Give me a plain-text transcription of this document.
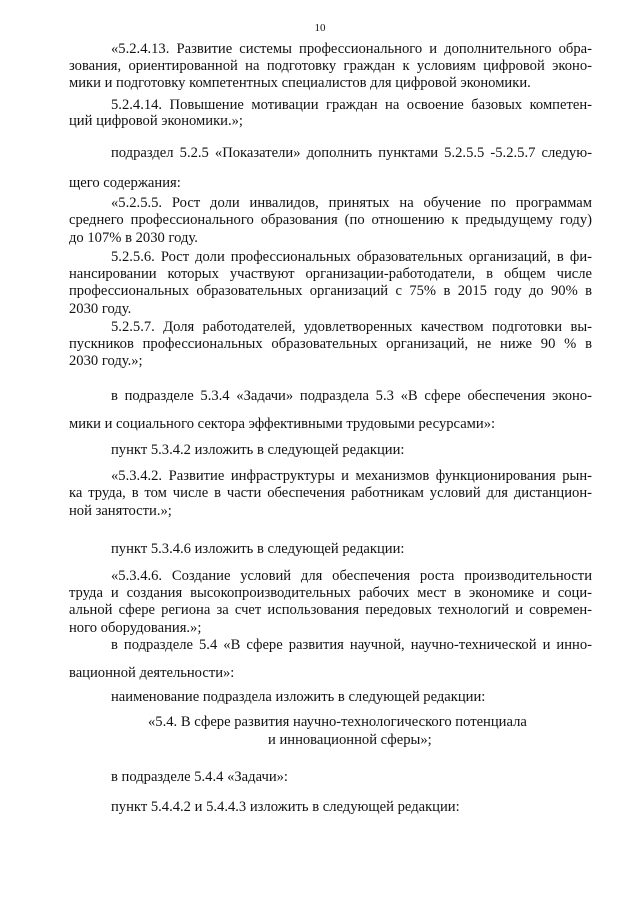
10

«5.2.4.13. Развитие системы профессионального и дополнительного обра-

зования, ориентированной на подготовку граждан к условиям цифровой эконо-

мики и подготовку компетентных специалистов для цифровой экономики.

5.2.4.14. Повышение мотивации граждан на освоение базовых компетен-

ций цифровой экономики.»;

подраздел 5.2.5 «Показатели» дополнить пунктами 5.2.5.5 -5.2.5.7 следую-

щего содержания:

«5.2.5.5. Рост доли инвалидов, принятых на обучение по программам

среднего профессионального образования (по отношению к предыдущему году)

до 107% в 2030 году.

5.2.5.6. Рост доли профессиональных образовательных организаций, в фи-

нансировании которых участвуют организации-работодатели, в общем числе

профессиональных образовательных организаций с 75% в 2015 году до 90% в

2030 году.

5.2.5.7. Доля работодателей, удовлетворенных качеством подготовки вы-

пускников профессиональных образовательных организаций, не ниже 90 % в

2030 году.»;

в подразделе 5.3.4 «Задачи» подраздела 5.3 «В сфере обеспечения эконо-

мики и социального сектора эффективными трудовыми ресурсами»:

пункт 5.3.4.2 изложить в следующей редакции:

«5.3.4.2. Развитие инфраструктуры и механизмов функционирования рын-

ка труда, в том числе в части обеспечения работникам условий для дистанцион-

ной занятости.»;

пункт 5.3.4.6 изложить в следующей редакции:

«5.3.4.6. Создание условий для обеспечения роста производительности

труда и создания высокопроизводительных рабочих мест в экономике и соци-

альной сфере региона за счет использования передовых технологий и современ-

ного оборудования.»;

в подразделе 5.4 «В сфере развития научной, научно-технической и инно-

вационной деятельности»:

наименование подраздела изложить в следующей редакции:

«5.4. В сфере развития научно-технологического потенциала

и инновационной сферы»;

в подразделе 5.4.4 «Задачи»:

пункт 5.4.4.2 и 5.4.4.3 изложить в следующей редакции:
